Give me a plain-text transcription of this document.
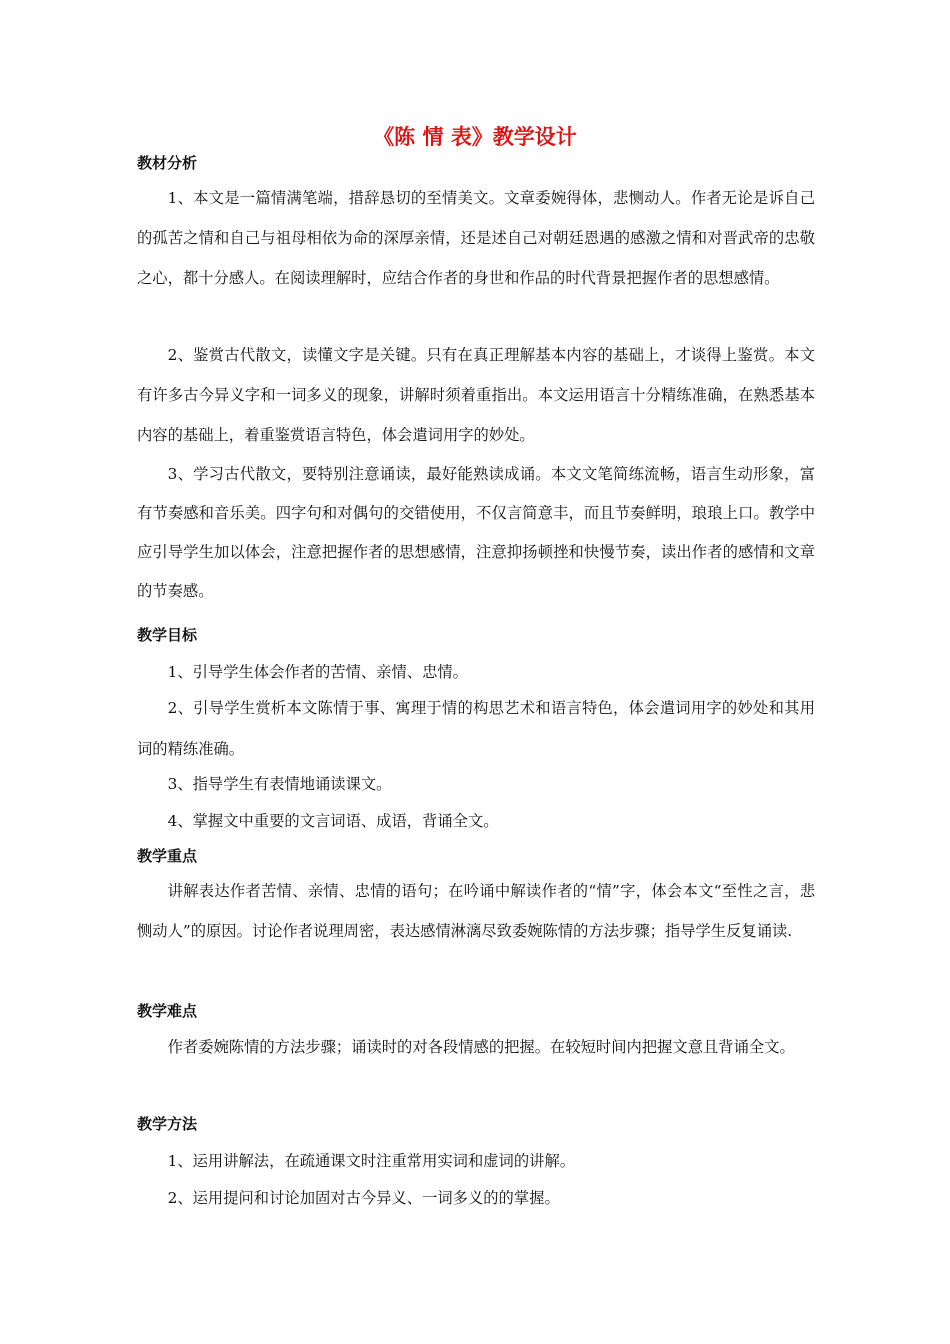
《陈 情 表》教学设计
教材分析

1、本文是一篇情满笔端，措辞恳切的至情美文。文章委婉得体，悲恻动人。作者无论是诉自己的孤苦之情和自己与祖母相依为命的深厚亲情，还是述自己对朝廷恩遇的感激之情和对晋武帝的忠敬之心，都十分感人。在阅读理解时，应结合作者的身世和作品的时代背景把握作者的思想感情。

2、鉴赏古代散文，读懂文字是关键。只有在真正理解基本内容的基础上，才谈得上鉴赏。本文有许多古今异义字和一词多义的现象，讲解时须着重指出。本文运用语言十分精练准确，在熟悉基本内容的基础上，着重鉴赏语言特色，体会遣词用字的妙处。

3、学习古代散文，要特别注意诵读，最好能熟读成诵。本文文笔简练流畅，语言生动形象，富有节奏感和音乐美。四字句和对偶句的交错使用，不仅言简意丰，而且节奏鲜明，琅琅上口。教学中应引导学生加以体会，注意把握作者的思想感情，注意抑扬顿挫和快慢节奏，读出作者的感情和文章的节奏感。

教学目标

1、引导学生体会作者的苦情、亲情、忠情。

2、引导学生赏析本文陈情于事、寓理于情的构思艺术和语言特色，体会遣词用字的妙处和其用词的精练准确。

3、指导学生有表情地诵读课文。

4、掌握文中重要的文言词语、成语，背诵全文。

教学重点

讲解表达作者苦情、亲情、忠情的语句；在吟诵中解读作者的“情”字，体会本文“至性之言，悲恻动人”的原因。讨论作者说理周密，表达感情淋漓尽致委婉陈情的方法步骤；指导学生反复诵读.

教学难点

作者委婉陈情的方法步骤；诵读时的对各段情感的把握。在较短时间内把握文意且背诵全文。

教学方法

1、运用讲解法，在疏通课文时注重常用实词和虚词的讲解。

2、运用提问和讨论加固对古今异义、一词多义的的掌握。
